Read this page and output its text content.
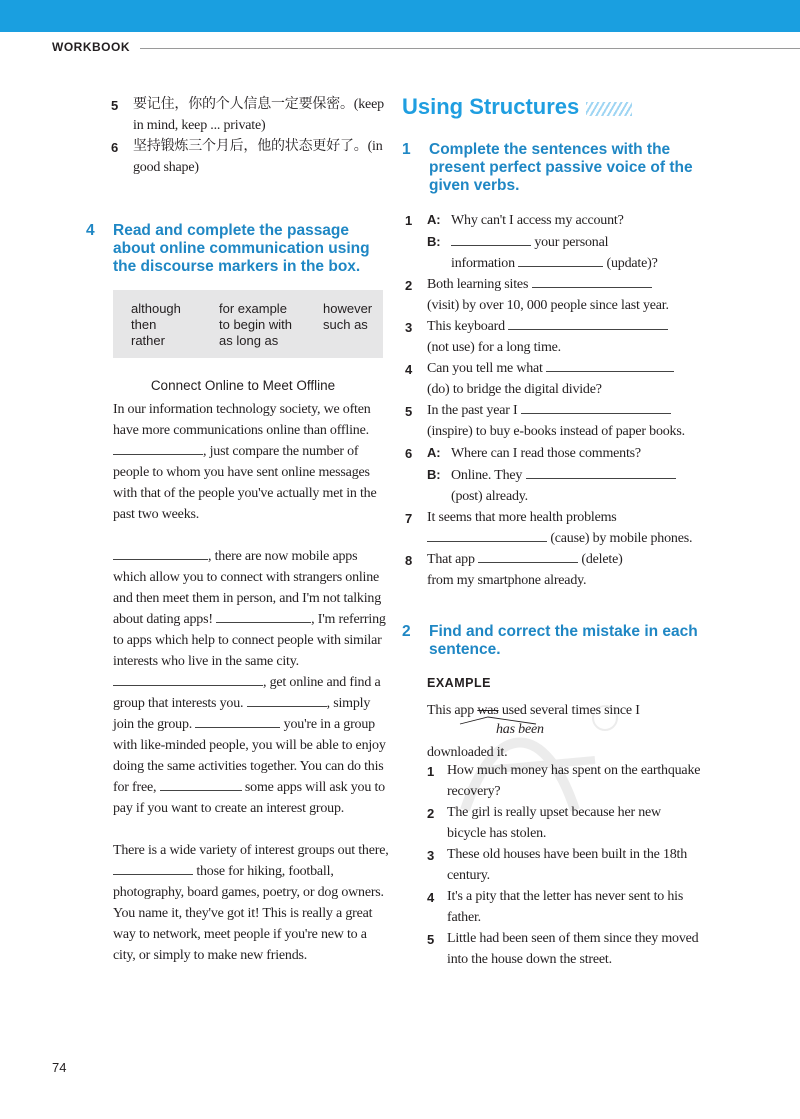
WORKBOOK
5 要记住，你的个人信息一定要保密。(keep in mind, keep ... private)
6 坚持锻炼三个月后，他的状态更好了。(in good shape)
4 Read and complete the passage about online communication using the discourse markers in the box.
although	for example	however
then	to begin with	such as
rather	as long as
Connect Online to Meet Offline
In our information technology society, we often have more communications online than offline. , just compare the number of people to whom you have sent online messages with that of the people you've actually met in the past two weeks.
, there are now mobile apps which allow you to connect with strangers online and then meet them in person, and I'm not talking about dating apps!	, I'm referring to apps which help to connect people with similar interests who live in the same city. , get online and find a group that interests you.	, simply join the group.	you're in a group with like-minded people, you will be able to enjoy doing the same activities together. You can do this for free,	some apps will ask you to pay if you want to create an interest group.
There is a wide variety of interest groups out there,  those for hiking, football, photography, board games, poetry, or dog owners. You name it, they've got it! This is really a great way to network, meet people if you're new to a city, or simply to make new friends.
Using Structures
1 Complete the sentences with the present perfect passive voice of the given verbs.
1 A: Why can't I access my account?
B:	your personal
information	(update)?
2 Both learning sites
(visit) by over 10, 000 people since last year.
3 This keyboard
(not use) for a long time.
4 Can you tell me what
(do) to bridge the digital divide?
5 In the past year I
(inspire) to buy e-books instead of paper books.
6 A: Where can I read those comments?
B: Online. They
(post) already.
7 It seems that more health problems
(cause) by mobile phones.
8 That app	(delete)
from my smartphone already.
2 Find and correct the mistake in each sentence.
EXAMPLE
This app was used several times since I
has been
downloaded it.
1 How much money has spent on the earthquake recovery?
2 The girl is really upset because her new bicycle has stolen.
3 These old houses have been built in the 18th century.
4 It's a pity that the letter has never sent to his father.
5 Little had been seen of them since they moved into the house down the street.
74
